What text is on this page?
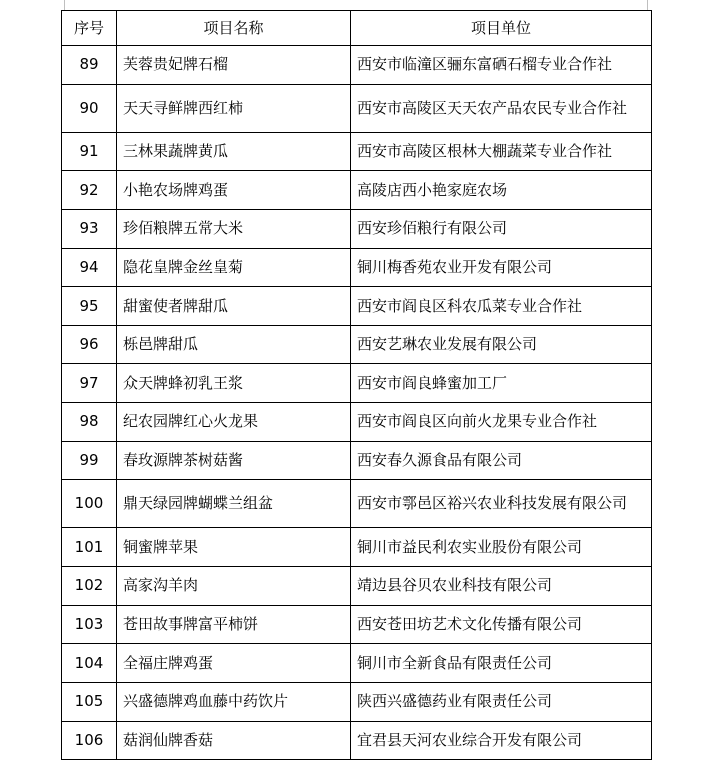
序号	项目名称	项目单位
89	芙蓉贵妃牌石榴	西安市临潼区骊东富硒石榴专业合作社
90	天天寻鲜牌西红柿	西安市高陵区天天农产品农民专业合作社
91	三林果蔬牌黄瓜	西安市高陵区根林大棚蔬菜专业合作社
92	小艳农场牌鸡蛋	高陵店西小艳家庭农场
93	珍佰粮牌五常大米	西安珍佰粮行有限公司
94	隐花皇牌金丝皇菊	铜川梅香苑农业开发有限公司
95	甜蜜使者牌甜瓜	西安市阎良区科农瓜菜专业合作社
96	栎邑牌甜瓜	西安艺琳农业发展有限公司
97	众天牌蜂初乳王浆	西安市阎良蜂蜜加工厂
98	纪农园牌红心火龙果	西安市阎良区向前火龙果专业合作社
99	春玫源牌茶树菇酱	西安春久源食品有限公司
100	鼎天绿园牌蝴蝶兰组盆	西安市鄠邑区裕兴农业科技发展有限公司
101	铜蜜牌苹果	铜川市益民利农实业股份有限公司
102	高家沟羊肉	靖边县谷贝农业科技有限公司
103	苍田故事牌富平柿饼	西安苍田坊艺术文化传播有限公司
104	全福庄牌鸡蛋	铜川市全新食品有限责任公司
105	兴盛德牌鸡血藤中药饮片	陕西兴盛德药业有限责任公司
106	菇润仙牌香菇	宜君县天河农业综合开发有限公司
